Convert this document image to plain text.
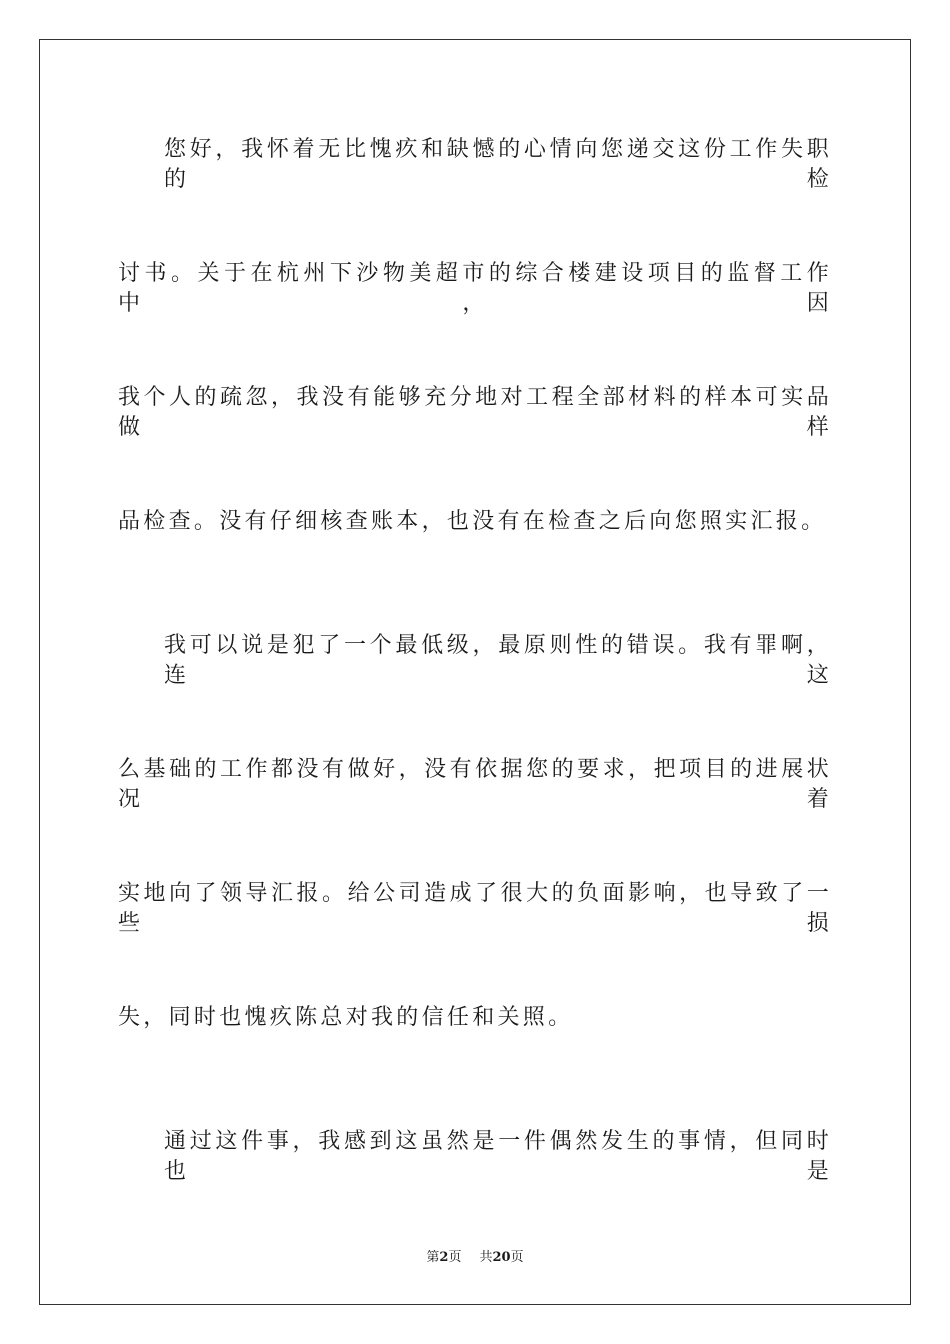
您好，我怀着无比愧疚和缺憾的心情向您递交这份工作失职的检
讨书。关于在杭州下沙物美超市的综合楼建设项目的监督工作中，因
我个人的疏忽，我没有能够充分地对工程全部材料的样本可实品做样
品检查。没有仔细核查账本，也没有在检查之后向您照实汇报。
我可以说是犯了一个最低级，最原则性的错误。我有罪啊，连这
么基础的工作都没有做好，没有依据您的要求，把项目的进展状况着
实地向了领导汇报。给公司造成了很大的负面影响，也导致了一些损
失，同时也愧疚陈总对我的信任和关照。
通过这件事，我感到这虽然是一件偶然发生的事情，但同时也是
第2页 共20页
